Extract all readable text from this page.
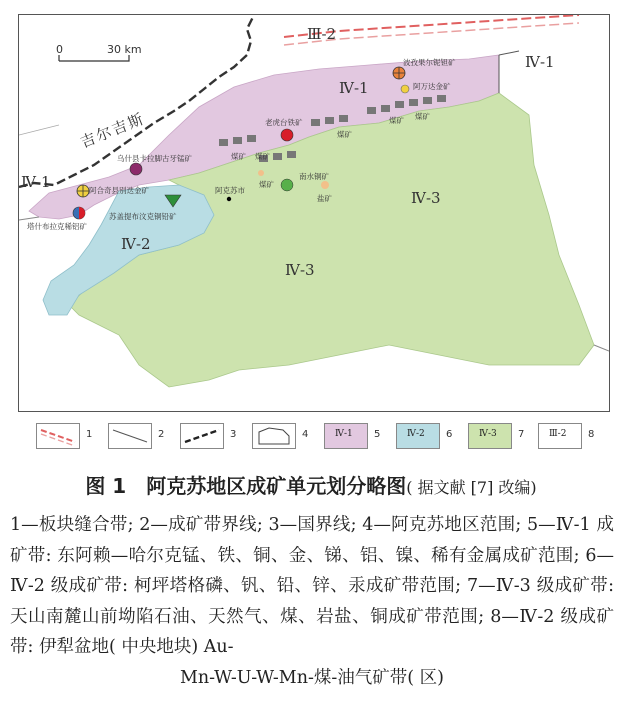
0	30 km
吉尔吉斯
Ⅲ-2
Ⅳ-1
Ⅳ-1
Ⅳ-1
Ⅳ-2
Ⅳ-3
Ⅳ-3
波孜果尔铌钽矿
阿万达金矿
老虎台铁矿
乌什县卡拉脚古牙锰矿
阿合奇县别迭金矿
塔什布拉克稀铝矿
苏盖提布汶克铜铅矿
阿克苏市
南水铜矿
盐矿
煤矿 煤矿
煤矿
煤矿
煤矿 煤矿
1	2	3	4	Ⅳ-1 5	Ⅳ-2 6	Ⅳ-3 7	Ⅲ-2 8
图 1　阿克苏地区成矿单元划分略图( 据文献 [7] 改编)
1—板块缝合带; 2—成矿带界线; 3—国界线; 4—阿克苏地区范围; 5—Ⅳ-1 成矿带: 东阿赖—哈尔克锰、铁、铜、金、锑、铝、镍、稀有金属成矿范围; 6—Ⅳ-2 级成矿带: 柯坪塔格磷、钒、铅、锌、汞成矿带范围; 7—Ⅳ-3 级成矿带: 天山南麓山前坳陷石油、天然气、煤、岩盐、铜成矿带范围; 8—Ⅳ-2 级成矿带: 伊犁盆地( 中央地块) Au-
Mn-W-U-W-Mn-煤-油气矿带( 区)
